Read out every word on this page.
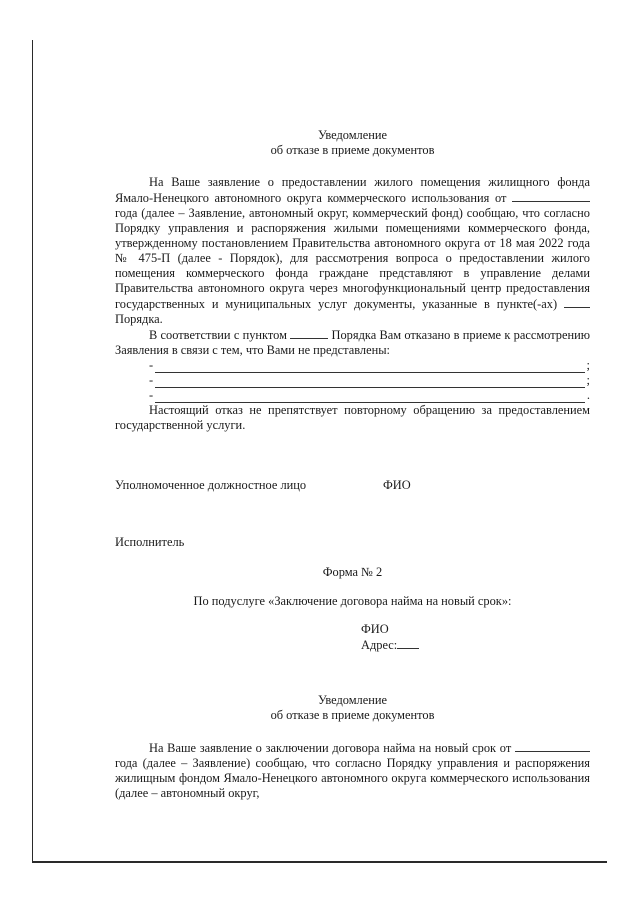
Уведомление

об отказе в приеме документов

На Ваше заявление о предоставлении жилого помещения жилищного фонда Ямало-Ненецкого автономного округа коммерческого использования от  года (далее – Заявление, автономный округ, коммерческий фонд) сообщаю, что согласно Порядку управления и распоряжения жилыми помещениями коммерческого фонда, утвержденному постановлением Правительства автономного округа от 18 мая 2022 года № 475-П (далее - Порядок), для рассмотрения вопроса о предоставлении жилого помещения коммерческого фонда граждане представляют в управление делами Правительства автономного округа через многофункциональный центр предоставления государственных и муниципальных услуг документы, указанные в пункте(-ах)  Порядка.

В соответствии с пунктом	Порядка Вам отказано в приеме к рассмотрению Заявления в связи с тем, что Вами не представлены:

-	;
-	;
-	.

Настоящий отказ не препятствует повторному обращению за предоставлением государственной услуги.

Уполномоченное должностное лицо	ФИО

Исполнитель

Форма № 2

По подуслуге «Заключение договора найма на новый срок»:

ФИО

Адрес:

Уведомление

об отказе в приеме документов

На Ваше заявление о заключении договора найма на новый срок от  года (далее – Заявление) сообщаю, что согласно Порядку управления и распоряжения жилищным фондом Ямало-Ненецкого автономного округа коммерческого использования (далее – автономный округ,
